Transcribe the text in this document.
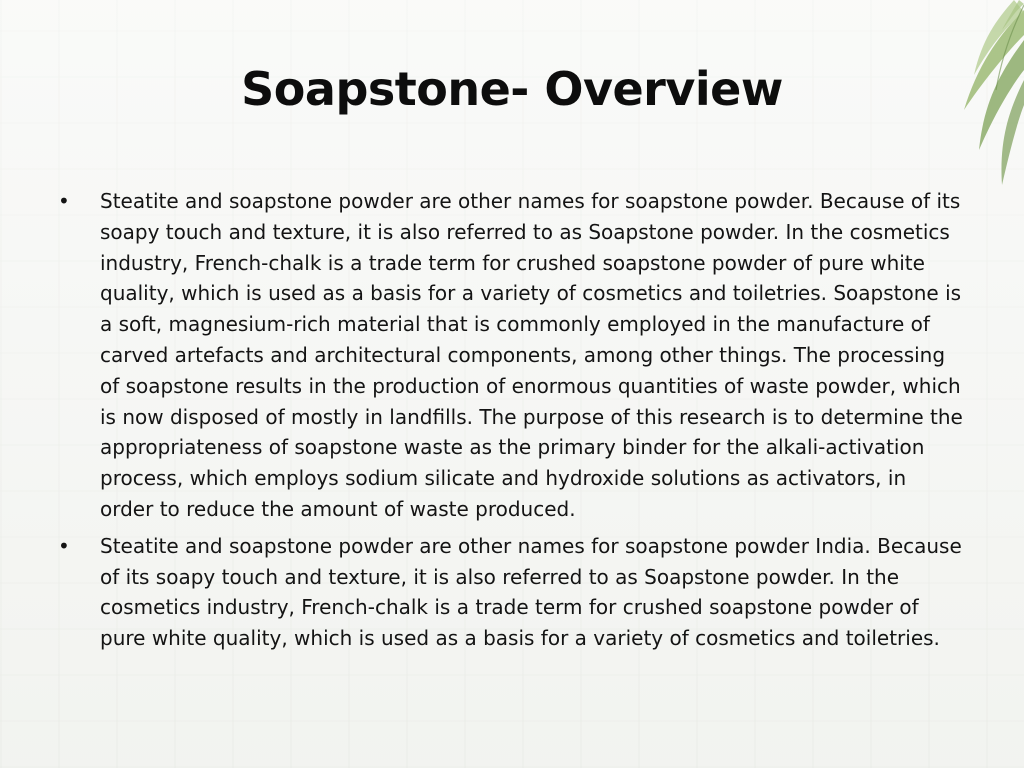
Soapstone- Overview
• Steatite and soapstone powder are other names for soapstone powder. Because of its soapy touch and texture, it is also referred to as Soapstone powder. In the cosmetics industry, French-chalk is a trade term for crushed soapstone powder of pure white quality, which is used as a basis for a variety of cosmetics and toiletries. Soapstone is a soft, magnesium-rich material that is commonly employed in the manufacture of carved artefacts and architectural components, among other things. The processing of soapstone results in the production of enormous quantities of waste powder, which is now disposed of mostly in landfills. The purpose of this research is to determine the appropriateness of soapstone waste as the primary binder for the alkali-activation process, which employs sodium silicate and hydroxide solutions as activators, in order to reduce the amount of waste produced.
• Steatite and soapstone powder are other names for soapstone powder India. Because of its soapy touch and texture, it is also referred to as Soapstone powder. In the cosmetics industry, French-chalk is a trade term for crushed soapstone powder of pure white quality, which is used as a basis for a variety of cosmetics and toiletries.
